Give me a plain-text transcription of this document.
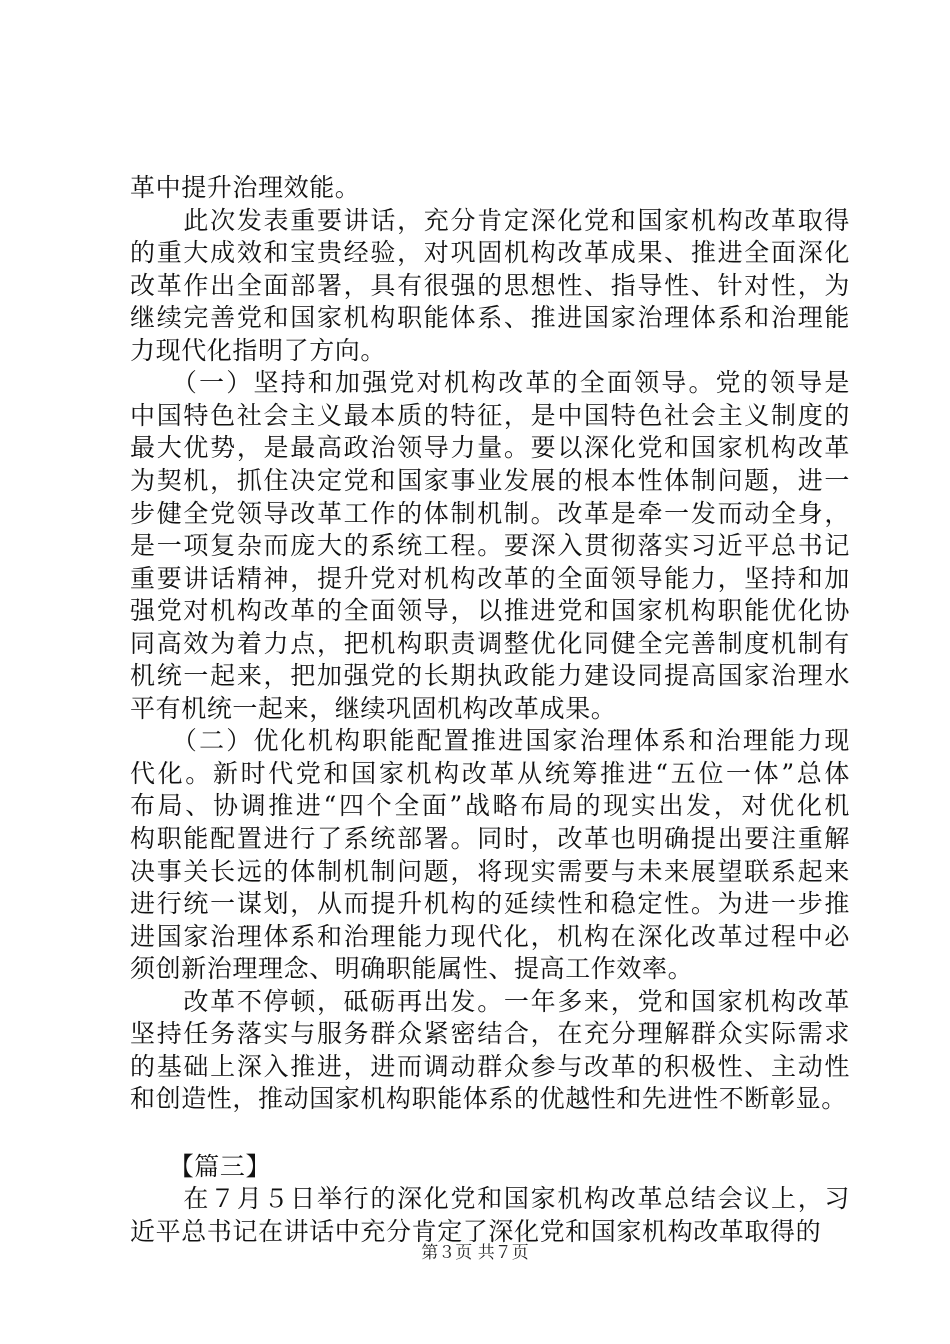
革中提升治理效能。
　　此次发表重要讲话，充分肯定深化党和国家机构改革取得
的重大成效和宝贵经验，对巩固机构改革成果、推进全面深化
改革作出全面部署，具有很强的思想性、指导性、针对性，为
继续完善党和国家机构职能体系、推进国家治理体系和治理能
力现代化指明了方向。
　　（一）坚持和加强党对机构改革的全面领导。党的领导是
中国特色社会主义最本质的特征，是中国特色社会主义制度的
最大优势，是最高政治领导力量。要以深化党和国家机构改革
为契机，抓住决定党和国家事业发展的根本性体制问题，进一
步健全党领导改革工作的体制机制。改革是牵一发而动全身，
是一项复杂而庞大的系统工程。要深入贯彻落实习近平总书记
重要讲话精神，提升党对机构改革的全面领导能力，坚持和加
强党对机构改革的全面领导，以推进党和国家机构职能优化协
同高效为着力点，把机构职责调整优化同健全完善制度机制有
机统一起来，把加强党的长期执政能力建设同提高国家治理水
平有机统一起来，继续巩固机构改革成果。
　　（二）优化机构职能配置推进国家治理体系和治理能力现
代化。新时代党和国家机构改革从统筹推进“五位一体”总体
布局、协调推进“四个全面”战略布局的现实出发，对优化机
构职能配置进行了系统部署。同时，改革也明确提出要注重解
决事关长远的体制机制问题，将现实需要与未来展望联系起来
进行统一谋划，从而提升机构的延续性和稳定性。为进一步推
进国家治理体系和治理能力现代化，机构在深化改革过程中必
须创新治理理念、明确职能属性、提高工作效率。
　　改革不停顿，砥砺再出发。一年多来，党和国家机构改革
坚持任务落实与服务群众紧密结合，在充分理解群众实际需求
的基础上深入推进，进而调动群众参与改革的积极性、主动性
和创造性，推动国家机构职能体系的优越性和先进性不断彰显。
　　【篇三】
　　在７月５日举行的深化党和国家机构改革总结会议上，习
近平总书记在讲话中充分肯定了深化党和国家机构改革取得的
第３页 共７页
